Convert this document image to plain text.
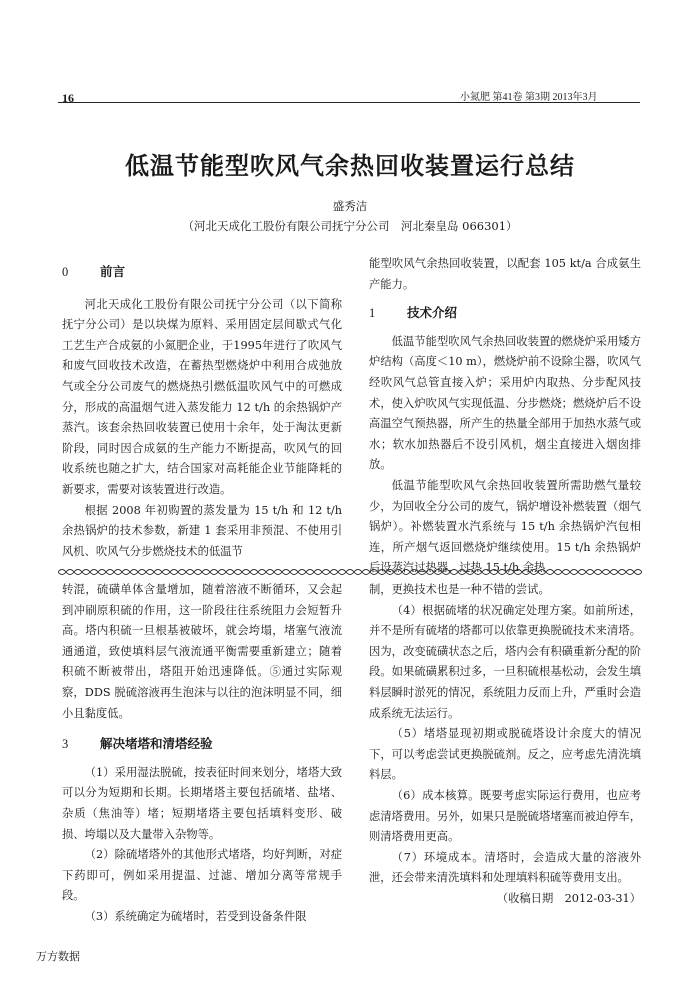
16	小氮肥 第41卷 第3期 2013年3月
低温节能型吹风气余热回收装置运行总结
盛秀洁
（河北天成化工股份有限公司抚宁分公司　河北秦皇岛 066301）
0	前言

河北天成化工股份有限公司抚宁分公司（以下简称抚宁分公司）是以块煤为原料、采用固定层间歇式气化工艺生产合成氨的小氮肥企业，于1995年进行了吹风气和废气回收技术改造，在蓄热型燃烧炉中利用合成弛放气或全分公司废气的燃烧热引燃低温吹风气中的可燃成分，形成的高温烟气进入蒸发能力 12 t/h 的余热锅炉产蒸汽。该套余热回收装置已使用十余年，处于淘汰更新阶段，同时因合成氨的生产能力不断提高，吹风气的回收系统也随之扩大，结合国家对高耗能企业节能降耗的新要求，需要对该装置进行改造。

根据 2008 年初购置的蒸发量为 15 t/h 和 12 t/h 余热锅炉的技术参数，新建 1 套采用非预混、不使用引风机、吹风气分步燃烧技术的低温节

能型吹风气余热回收装置，以配套 105 kt/a 合成氨生产能力。

1	技术介绍

低温节能型吹风气余热回收装置的燃烧炉采用矮方炉结构（高度＜10 m），燃烧炉前不设除尘器，吹风气经吹风气总管直接入炉；采用炉内取热、分步配风技术，使入炉吹风气实现低温、分步燃烧；燃烧炉后不设高温空气预热器，所产生的热量全部用于加热水蒸气或水；软水加热器后不设引风机，烟尘直接进入烟囱排放。

低温节能型吹风气余热回收装置所需助燃气量较少，为回收全分公司的废气，锅炉增设补燃装置（烟气锅炉）。补燃装置水汽系统与 15 t/h 余热锅炉汽包相连，所产烟气返回燃烧炉继续使用。15 t/h 余热锅炉后设蒸汽过热器，过热 15 t/h 余热

转混，硫磺单体含量增加，随着溶液不断循环，又会起到冲刷原积硫的作用，这一阶段往往系统阻力会短暂升高。塔内积硫一旦根基被破坏，就会垮塌，堵塞气液流通通道，致使填料层气液流通平衡需要重新建立；随着积硫不断被带出，塔阻开始迅速降低。⑤通过实际观察，DDS 脱硫溶液再生泡沫与以往的泡沫明显不同，细小且黏度低。

3	解决堵塔和清塔经验

（1）采用湿法脱硫，按表征时间来划分，堵塔大致可以分为短期和长期。长期堵塔主要包括硫堵、盐堵、杂质（焦油等）堵；短期堵塔主要包括填料变形、破损、垮塌以及大量带入杂物等。

（2）除硫堵塔外的其他形式堵塔，均好判断，对症下药即可，例如采用提温、过滤、增加分离等常规手段。

（3）系统确定为硫堵时，若受到设备条件限

制，更换技术也是一种不错的尝试。

（4）根据硫堵的状况确定处理方案。如前所述，并不是所有硫堵的塔都可以依靠更换脱硫技术来清塔。因为，改变硫磺状态之后，塔内会有积磺重新分配的阶段。如果硫磺累积过多，一旦积硫根基松动，会发生填料层瞬时淤死的情况，系统阻力反而上升，严重时会造成系统无法运行。

（5）堵塔显现初期或脱硫塔设计余度大的情况下，可以考虑尝试更换脱硫剂。反之，应考虑先清洗填料层。

（6）成本核算。既要考虑实际运行费用，也应考虑清塔费用。另外，如果只是脱硫塔堵塞而被迫停车，则清塔费用更高。

（7）环境成本。清塔时，会造成大量的溶液外泄，还会带来清洗填料和处理填料积硫等费用支出。

（收稿日期　2012-03-31）

万方数据
